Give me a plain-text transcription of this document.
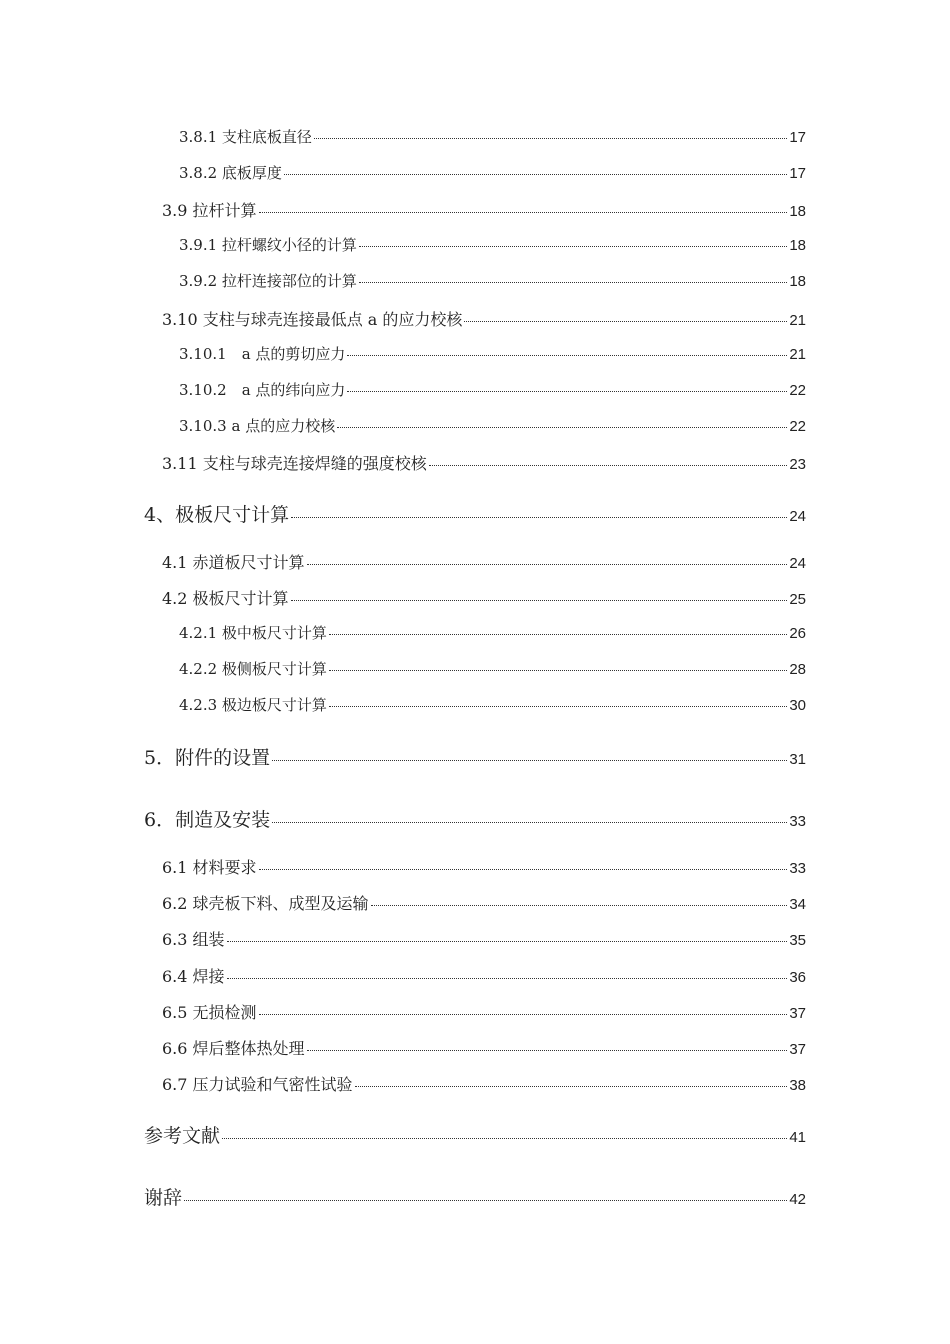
3.8.1 支柱底板直径	17
3.8.2 底板厚度	17
3.9 拉杆计算	18
3.9.1 拉杆螺纹小径的计算	18
3.9.2 拉杆连接部位的计算	18
3.10 支柱与球壳连接最低点 a 的应力校核	21
3.10.1　a 点的剪切应力	21
3.10.2　a 点的纬向应力	22
3.10.3 a 点的应力校核	22
3.11 支柱与球壳连接焊缝的强度校核	23
4、极板尺寸计算	24
4.1 赤道板尺寸计算	24
4.2 极板尺寸计算	25
4.2.1 极中板尺寸计算	26
4.2.2 极侧板尺寸计算	28
4.2.3 极边板尺寸计算	30
5．附件的设置	31
6．制造及安装	33
6.1 材料要求	33
6.2 球壳板下料、成型及运输	34
6.3 组装	35
6.4 焊接	36
6.5 无损检测	37
6.6 焊后整体热处理	37
6.7 压力试验和气密性试验	38
参考文献	41
谢辞	42
